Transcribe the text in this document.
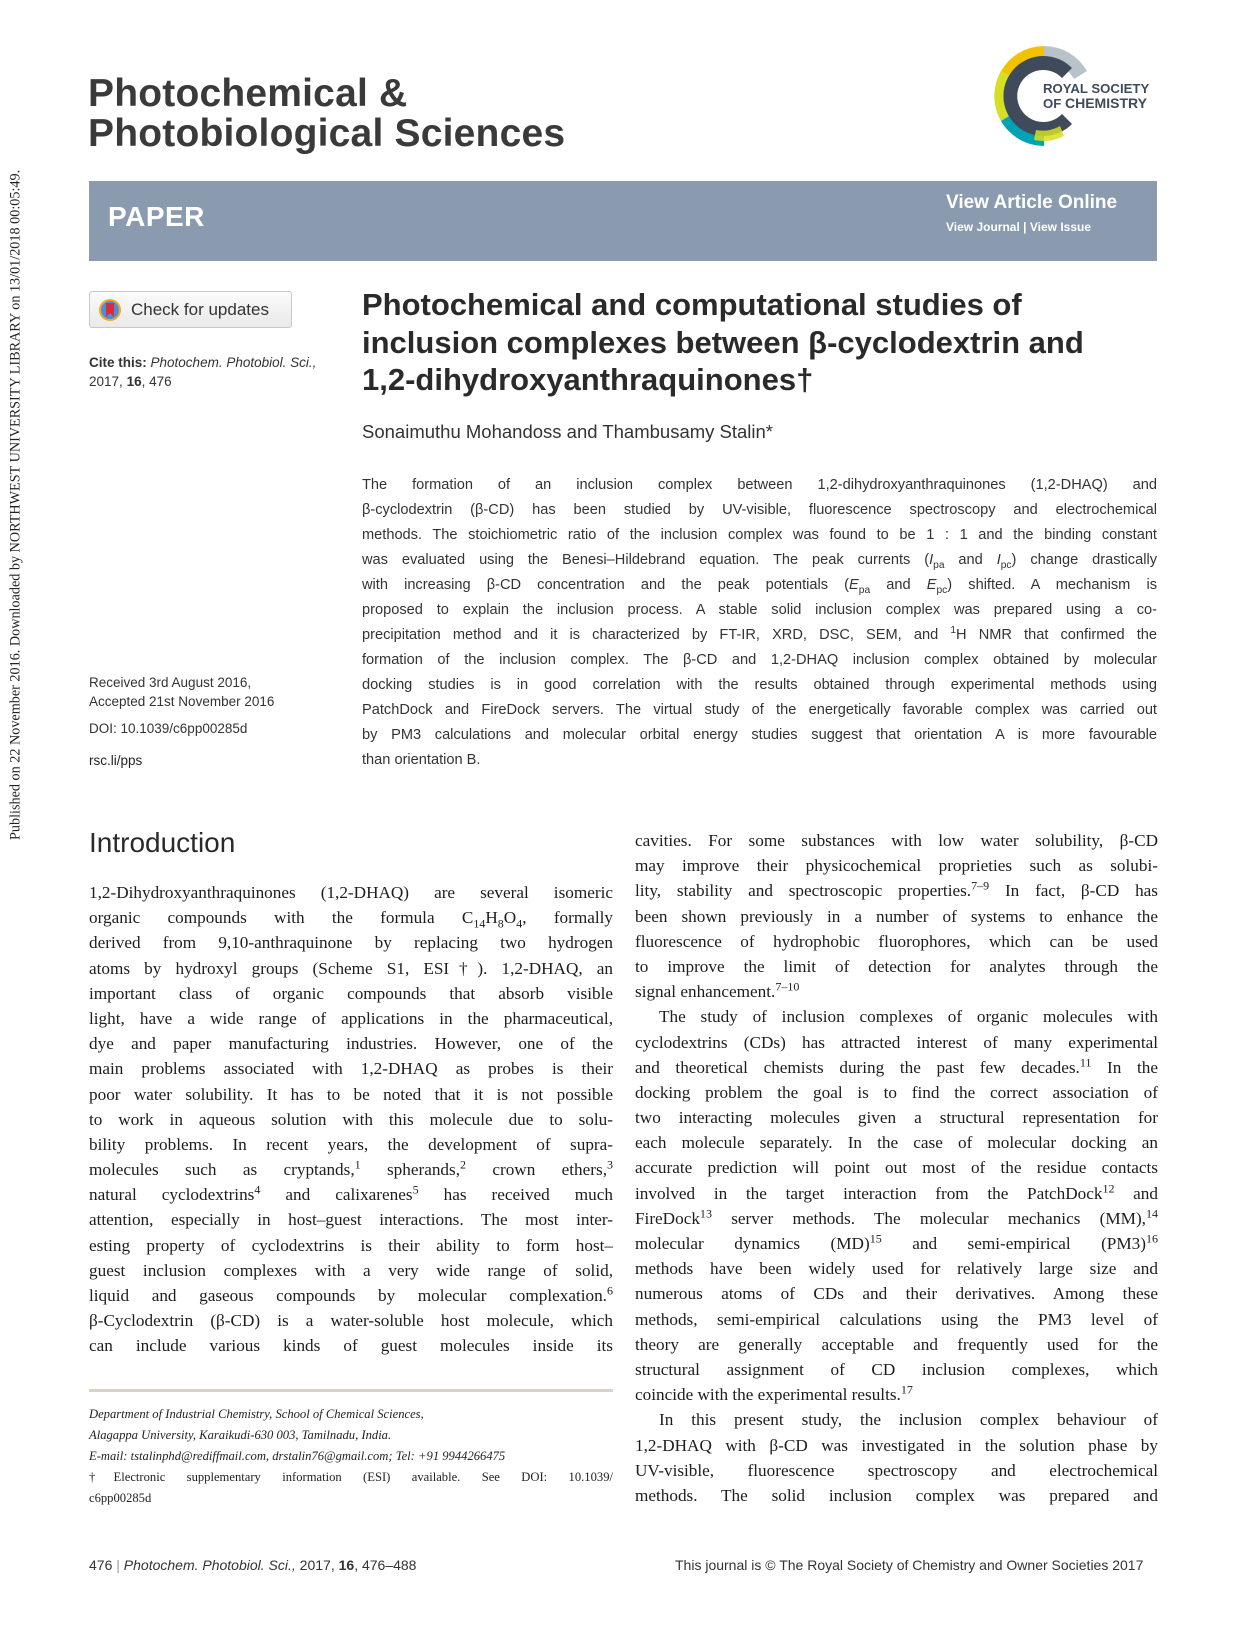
Published on 22 November 2016. Downloaded by NORTHWEST UNIVERSITY LIBRARY on 13/01/2018 00:05:49.
Photochemical &
Photobiological Sciences
ROYAL SOCIETY
OF CHEMISTRY
PAPER	View Article Online
View Journal | View Issue
Check for updates
Cite this: Photochem. Photobiol. Sci.,
2017, 16, 476
Received 3rd August 2016,
Accepted 21st November 2016
DOI: 10.1039/c6pp00285d
rsc.li/pps
Photochemical and computational studies of
inclusion complexes between β-cyclodextrin and
1,2-dihydroxyanthraquinones†
Sonaimuthu Mohandoss and Thambusamy Stalin*
The formation of an inclusion complex between 1,2-dihydroxyanthraquinones (1,2-DHAQ) and
β-cyclodextrin (β-CD) has been studied by UV-visible, fluorescence spectroscopy and electrochemical
methods. The stoichiometric ratio of the inclusion complex was found to be 1 : 1 and the binding constant
was evaluated using the Benesi–Hildebrand equation. The peak currents ($I_{pa}$ and $I_{pc}$) change drastically
with increasing β-CD concentration and the peak potentials ($E_{pa}$ and $E_{pc}$) shifted. A mechanism is
proposed to explain the inclusion process. A stable solid inclusion complex was prepared using a co-
precipitation method and it is characterized by FT-IR, XRD, DSC, SEM, and $^1$H NMR that confirmed the
formation of the inclusion complex. The β-CD and 1,2-DHAQ inclusion complex obtained by molecular
docking studies is in good correlation with the results obtained through experimental methods using
PatchDock and FireDock servers. The virtual study of the energetically favorable complex was carried out
by PM3 calculations and molecular orbital energy studies suggest that orientation A is more favourable
than orientation B.
Introduction
1,2-Dihydroxyanthraquinones (1,2-DHAQ) are several isomeric
organic compounds with the formula $C_{14}H_8O_4$, formally
derived from 9,10-anthraquinone by replacing two hydrogen
atoms by hydroxyl groups (Scheme S1, ESI†). 1,2-DHAQ, an
important class of organic compounds that absorb visible
light, have a wide range of applications in the pharmaceutical,
dye and paper manufacturing industries. However, one of the
main problems associated with 1,2-DHAQ as probes is their
poor water solubility. It has to be noted that it is not possible
to work in aqueous solution with this molecule due to solu-
bility problems. In recent years, the development of supra-
molecules such as cryptands,$^1$ spherands,$^2$ crown ethers,$^3$
natural cyclodextrins$^4$ and calixarenes$^5$ has received much
attention, especially in host–guest interactions. The most inter-
esting property of cyclodextrins is their ability to form host–
guest inclusion complexes with a very wide range of solid,
liquid and gaseous compounds by molecular complexation.$^6$
β-Cyclodextrin (β-CD) is a water-soluble host molecule, which
can include various kinds of guest molecules inside its
cavities. For some substances with low water solubility, β-CD
may improve their physicochemical proprieties such as solubi-
lity, stability and spectroscopic properties.$^{7-9}$ In fact, β-CD has
been shown previously in a number of systems to enhance the
fluorescence of hydrophobic fluorophores, which can be used
to improve the limit of detection for analytes through the
signal enhancement.$^{7-10}$
The study of inclusion complexes of organic molecules with
cyclodextrins (CDs) has attracted interest of many experimental
and theoretical chemists during the past few decades.$^{11}$ In the
docking problem the goal is to find the correct association of
two interacting molecules given a structural representation for
each molecule separately. In the case of molecular docking an
accurate prediction will point out most of the residue contacts
involved in the target interaction from the PatchDock$^{12}$ and
FireDock$^{13}$ server methods. The molecular mechanics (MM),$^{14}$
molecular dynamics (MD)$^{15}$ and semi-empirical $(PM3)^{16}$
methods have been widely used for relatively large size and
numerous atoms of CDs and their derivatives. Among these
methods, semi-empirical calculations using the PM3 level of
theory are generally acceptable and frequently used for the
structural assignment of CD inclusion complexes, which
coincide with the experimental results.$^{17}$
In this present study, the inclusion complex behaviour of
1,2-DHAQ with β-CD was investigated in the solution phase by
UV-visible, fluorescence spectroscopy and electrochemical
methods. The solid inclusion complex was prepared and
Department of Industrial Chemistry, School of Chemical Sciences,
Alagappa University, Karaikudi-630 003, Tamilnadu, India.
E-mail: tstalinphd@rediffmail.com, drstalin76@gmail.com; Tel: +91 9944266475
†Electronic supplementary information (ESI) available. See DOI: 10.1039/
c6pp00285d
476 | Photochem. Photobiol. Sci., 2017, 16, 476–488	This journal is © The Royal Society of Chemistry and Owner Societies 2017
